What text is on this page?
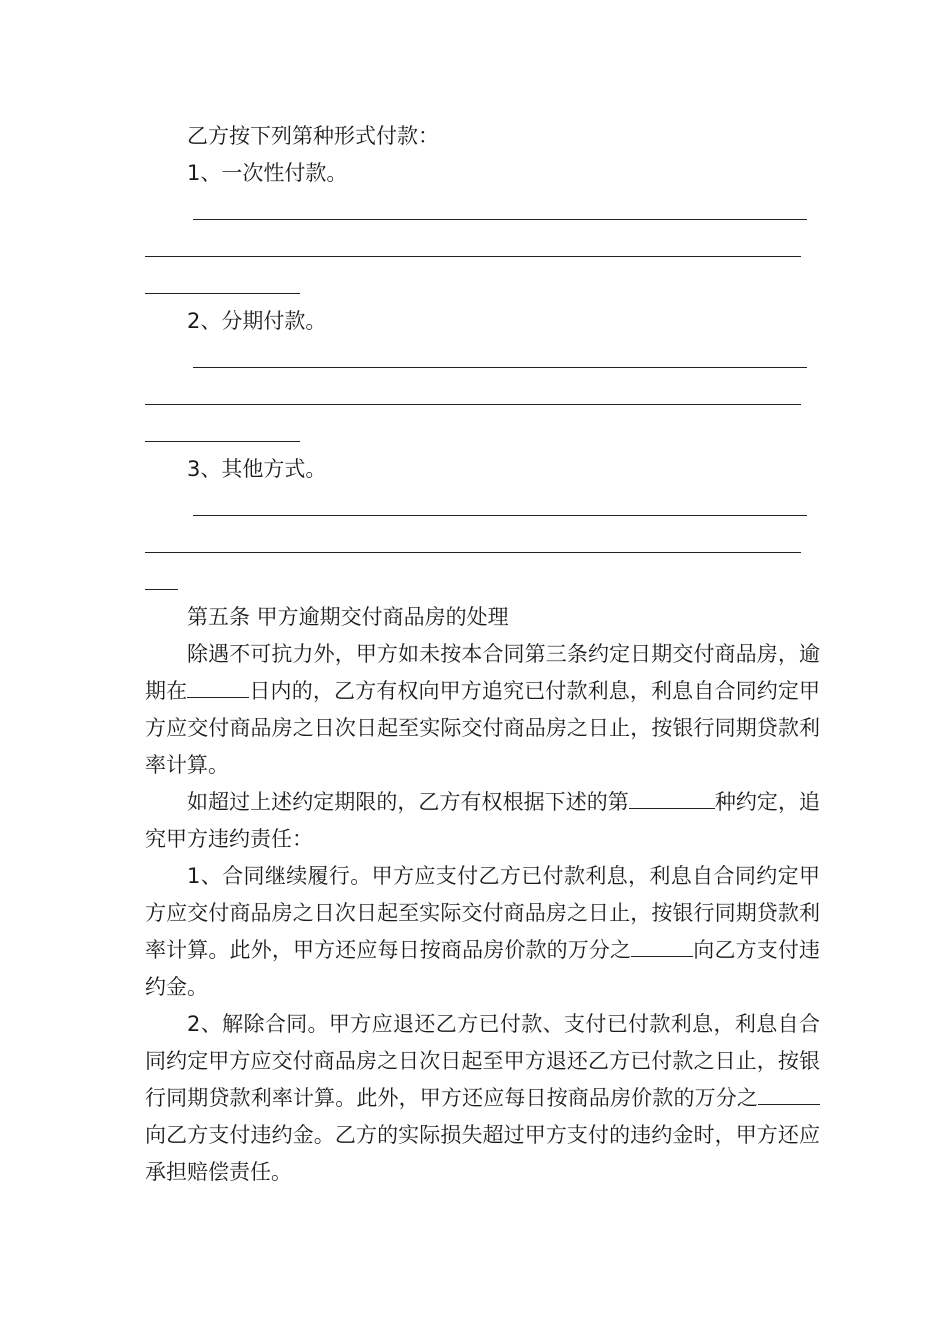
乙方按下列第种形式付款：

1、一次性付款。

2、分期付款。

3、其他方式。

第五条 甲方逾期交付商品房的处理

除遇不可抗力外，甲方如未按本合同第三条约定日期交付商品房，逾期在	日内的，乙方有权向甲方追究已付款利息，利息自合同约定甲方应交付商品房之日次日起至实际交付商品房之日止，按银行同期贷款利率计算。

如超过上述约定期限的，乙方有权根据下述的第	种约定，追究甲方违约责任：

1、合同继续履行。甲方应支付乙方已付款利息，利息自合同约定甲方应交付商品房之日次日起至实际交付商品房之日止，按银行同期贷款利率计算。此外，甲方还应每日按商品房价款的万分之	向乙方支付违约金。

2、解除合同。甲方应退还乙方已付款、支付已付款利息，利息自合同约定甲方应交付商品房之日次日起至甲方退还乙方已付款之日止，按银行同期贷款利率计算。此外，甲方还应每日按商品房价款的万分之向乙方支付违约金。乙方的实际损失超过甲方支付的违约金时，甲方还应承担赔偿责任。
